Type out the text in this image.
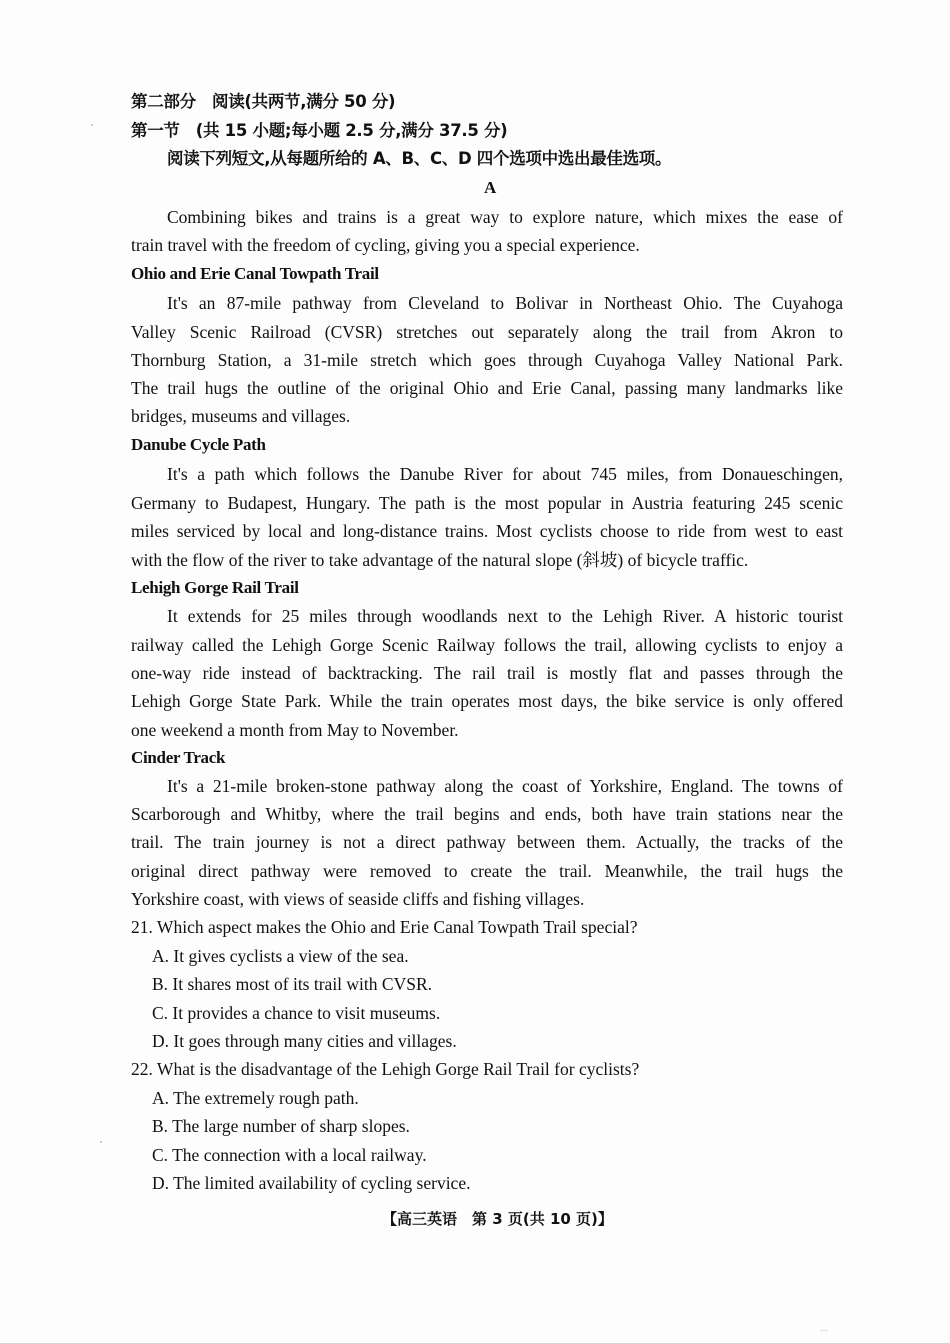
第二部分　阅读(共两节,满分 50 分)
第一节　(共 15 小题;每小题 2.5 分,满分 37.5 分)
阅读下列短文,从每题所给的 A、B、C、D 四个选项中选出最佳选项。
A
Combining bikes and trains is a great way to explore nature, which mixes the ease of
train travel with the freedom of cycling, giving you a special experience.
Ohio and Erie Canal Towpath Trail
It's an 87-mile pathway from Cleveland to Bolivar in Northeast Ohio. The Cuyahoga
Valley Scenic Railroad (CVSR) stretches out separately along the trail from Akron to
Thornburg Station, a 31-mile stretch which goes through Cuyahoga Valley National Park.
The trail hugs the outline of the original Ohio and Erie Canal, passing many landmarks like
bridges, museums and villages.
Danube Cycle Path
It's a path which follows the Danube River for about 745 miles, from Donaueschingen,
Germany to Budapest, Hungary. The path is the most popular in Austria featuring 245 scenic
miles serviced by local and long-distance trains. Most cyclists choose to ride from west to east
with the flow of the river to take advantage of the natural slope (斜坡) of bicycle traffic.
Lehigh Gorge Rail Trail
It extends for 25 miles through woodlands next to the Lehigh River. A historic tourist
railway called the Lehigh Gorge Scenic Railway follows the trail, allowing cyclists to enjoy a
one-way ride instead of backtracking. The rail trail is mostly flat and passes through the
Lehigh Gorge State Park. While the train operates most days, the bike service is only offered
one weekend a month from May to November.
Cinder Track
It's a 21-mile broken-stone pathway along the coast of Yorkshire, England. The towns of
Scarborough and Whitby, where the trail begins and ends, both have train stations near the
trail. The train journey is not a direct pathway between them. Actually, the tracks of the
original direct pathway were removed to create the trail. Meanwhile, the trail hugs the
Yorkshire coast, with views of seaside cliffs and fishing villages.
21. Which aspect makes the Ohio and Erie Canal Towpath Trail special?
A. It gives cyclists a view of the sea.
B. It shares most of its trail with CVSR.
C. It provides a chance to visit museums.
D. It goes through many cities and villages.
22. What is the disadvantage of the Lehigh Gorge Rail Trail for cyclists?
A. The extremely rough path.
B. The large number of sharp slopes.
C. The connection with a local railway.
D. The limited availability of cycling service.
【高三英语　第 3 页(共 10 页)】
…
